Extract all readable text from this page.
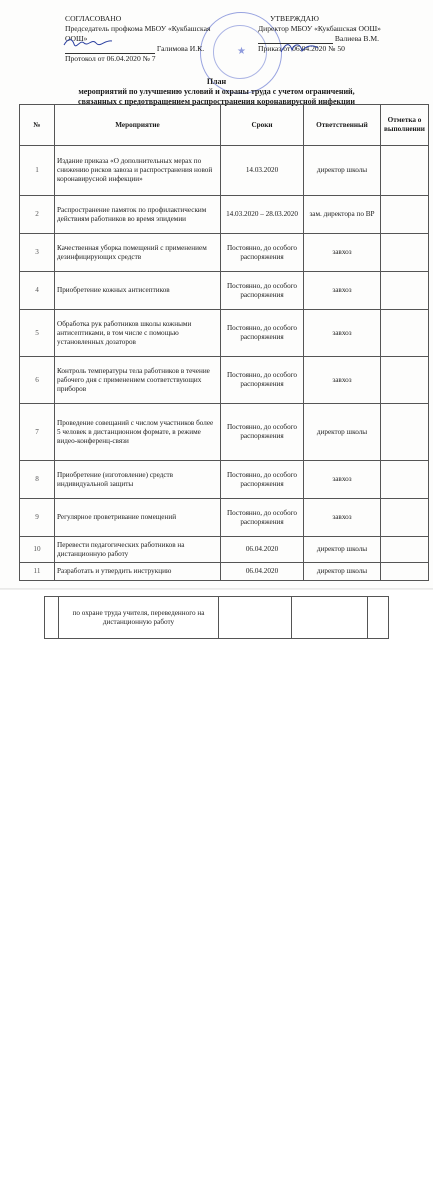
★
СОГЛАСОВАНО
Председатель профкома МБОУ «Кукбашская
ООШ»
Галимова И.К.
Протокол от 06.04.2020 № 7
УТВЕРЖДАЮ
Директор МБОУ «Кукбашская ООШ»
Валиева В.М.
Приказ от 06.04.2020 № 50
План
мероприятий по улучшению условий и охраны труда с учетом ограничений,
связанных с предотвращением распространения коронавирусной инфекции
№	Мероприятие	Сроки	Ответственный	Отметка о выполнении
1	Издание приказа «О дополнительных мерах по снижению рисков завоза и распространения новой коронавирусной инфекции»	14.03.2020	директор школы	
2	Распространение памяток по профилактическим действиям работников во время эпидемии	14.03.2020 – 28.03.2020	зам. директора по ВР	
3	Качественная уборка помещений с применением дезинфицирующих средств	Постоянно, до особого распоряжения	завхоз	
4	Приобретение кожных антисептиков	Постоянно, до особого распоряжения	завхоз	
5	Обработка рук работников школы кожными антисептиками, в том числе с помощью установленных дозаторов	Постоянно, до особого распоряжения	завхоз	
6	Контроль температуры тела работников в течение рабочего дня с применением соответствующих приборов	Постоянно, до особого распоряжения	завхоз	
7	Проведение совещаний с числом участников более 5 человек в дистанционном формате, в режиме видео-конференц-связи	Постоянно, до особого распоряжения	директор школы	
8	Приобретение (изготовление) средств индивидуальной защиты	Постоянно, до особого распоряжения	завхоз	
9	Регулярное проветривание помещений	Постоянно, до особого распоряжения	завхоз	
10	Перевести педагогических работников на дистанционную работу	06.04.2020	директор школы	
11	Разработать и утвердить инструкцию	06.04.2020	директор школы	
	по охране труда учителя, переведенного на дистанционную работу			
